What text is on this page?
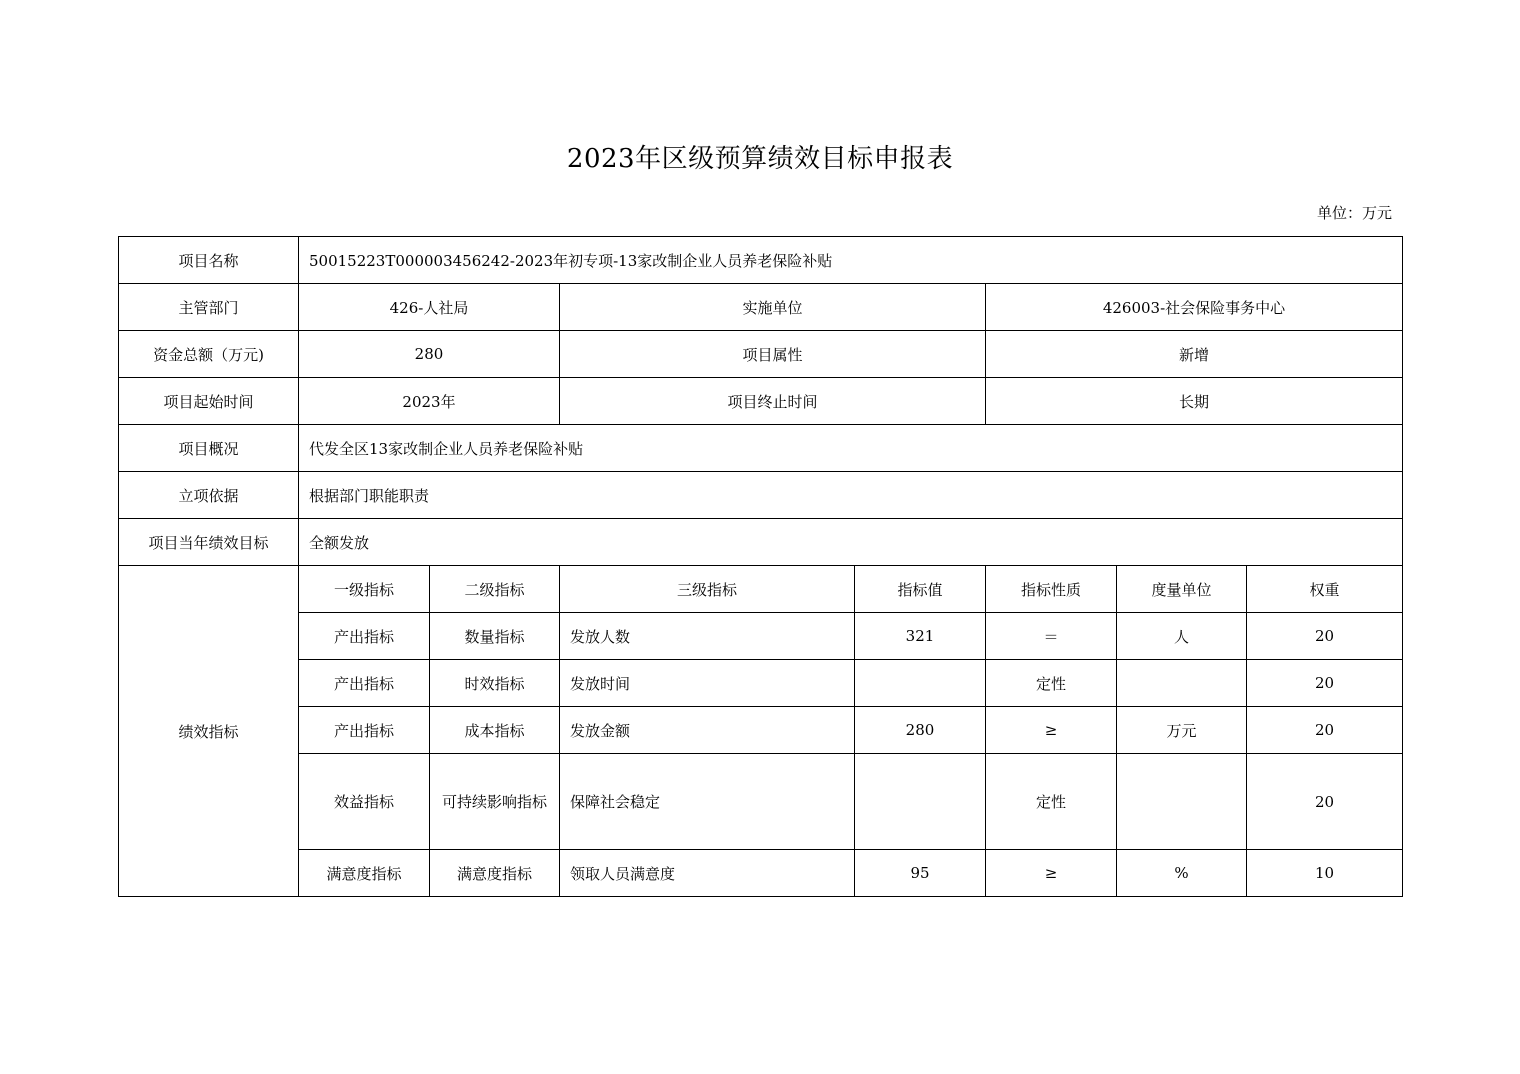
2023年区级预算绩效目标申报表
单位：万元
项目名称	50015223T000003456242-2023年初专项-13家改制企业人员养老保险补贴						
主管部门	426-人社局		实施单位		426003-社会保险事务中心		
资金总额（万元)	280		项目属性		新增		
项目起始时间	2023年		项目终止时间		长期		
项目概况	代发全区13家改制企业人员养老保险补贴						
立项依据	根据部门职能职责						
项目当年绩效目标	全额发放						
绩效指标	一级指标	二级指标	三级指标	指标值	指标性质	度量单位	权重
	产出指标	数量指标	发放人数	321	＝	人	20
	产出指标	时效指标	发放时间		定性		20
	产出指标	成本指标	发放金额	280	≥	万元	20
	效益指标	可持续影响指标	保障社会稳定		定性		20
	满意度指标	满意度指标	领取人员满意度	95	≥	%	10
